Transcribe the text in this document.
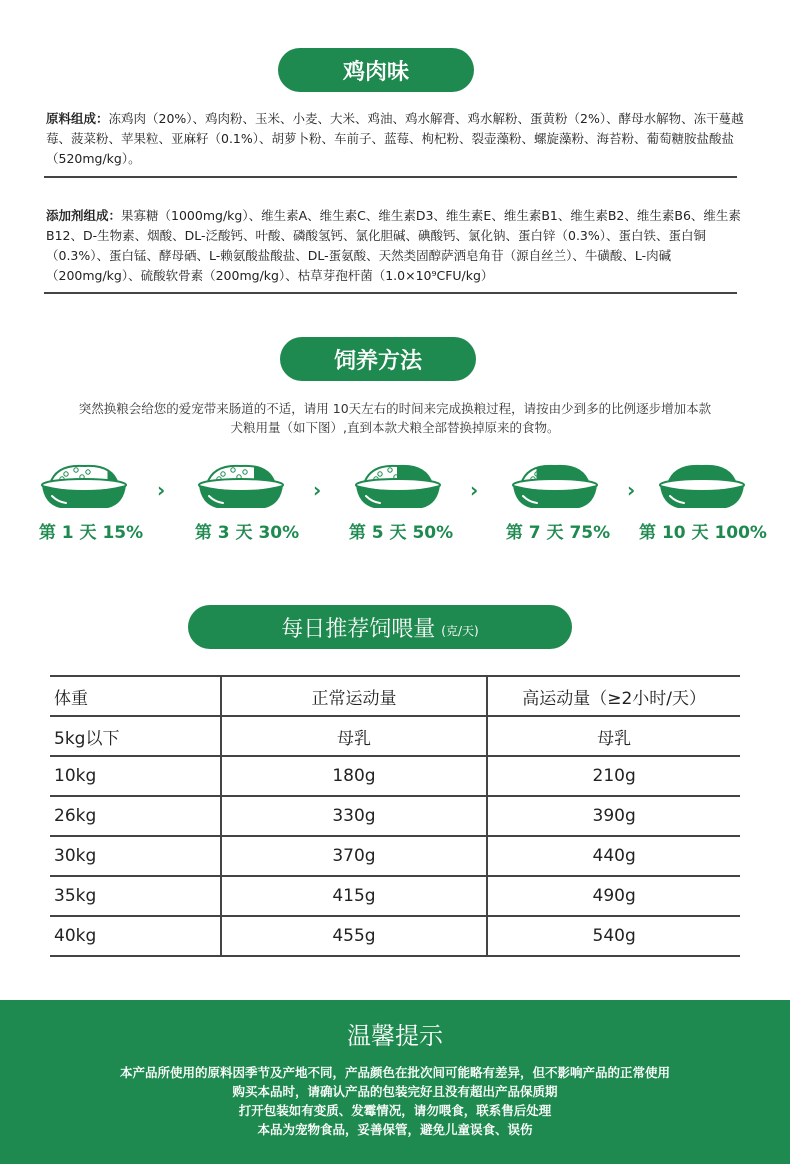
鸡肉味
原料组成：冻鸡肉（20%）、鸡肉粉、玉米、小麦、大米、鸡油、鸡水解膏、鸡水解粉、蛋黄粉（2%）、酵母水解物、冻干蔓越莓、菠菜粉、苹果粒、亚麻籽（0.1%）、胡萝卜粉、车前子、蓝莓、枸杞粉、裂壶藻粉、螺旋藻粉、海苔粉、葡萄糖胺盐酸盐（520mg/kg）。
添加剂组成：果寡糖（1000mg/kg）、维生素A、维生素C、维生素D3、维生素E、维生素B1、维生素B2、维生素B6、维生素B12、D-生物素、烟酸、DL-泛酸钙、叶酸、磷酸氢钙、氯化胆碱、碘酸钙、氯化钠、蛋白锌（0.3%）、蛋白铁、蛋白铜（0.3%）、蛋白锰、酵母硒、L-赖氨酸盐酸盐、DL-蛋氨酸、天然类固醇萨洒皂角苷（源自丝兰）、牛磺酸、L-肉碱（200mg/kg）、硫酸软骨素（200mg/kg）、枯草芽孢杆菌（1.0×10⁹CFU/kg）
饲养方法
突然换粮会给您的爱宠带来肠道的不适，请用 10天左右的时间来完成换粮过程，请按由少到多的比例逐步增加本款
犬粮用量（如下图）,直到本款犬粮全部替换掉原来的食物。
第 1 天 15%
›
第 3 天 30%
›
第 5 天 50%
›
第 7 天 75%
›
第 10 天 100%
每日推荐饲喂量 (克/天)
体重	正常运动量	高运动量（≥2小时/天）
5kg以下	母乳	母乳
10kg	180g	210g
26kg	330g	390g
30kg	370g	440g
35kg	415g	490g
40kg	455g	540g
温馨提示
本产品所使用的原料因季节及产地不同，产品颜色在批次间可能略有差异，但不影响产品的正常使用
购买本品时，请确认产品的包装完好且没有超出产品保质期
打开包装如有变质、发霉情况，请勿喂食，联系售后处理
本品为宠物食品，妥善保管，避免儿童误食、误伤
